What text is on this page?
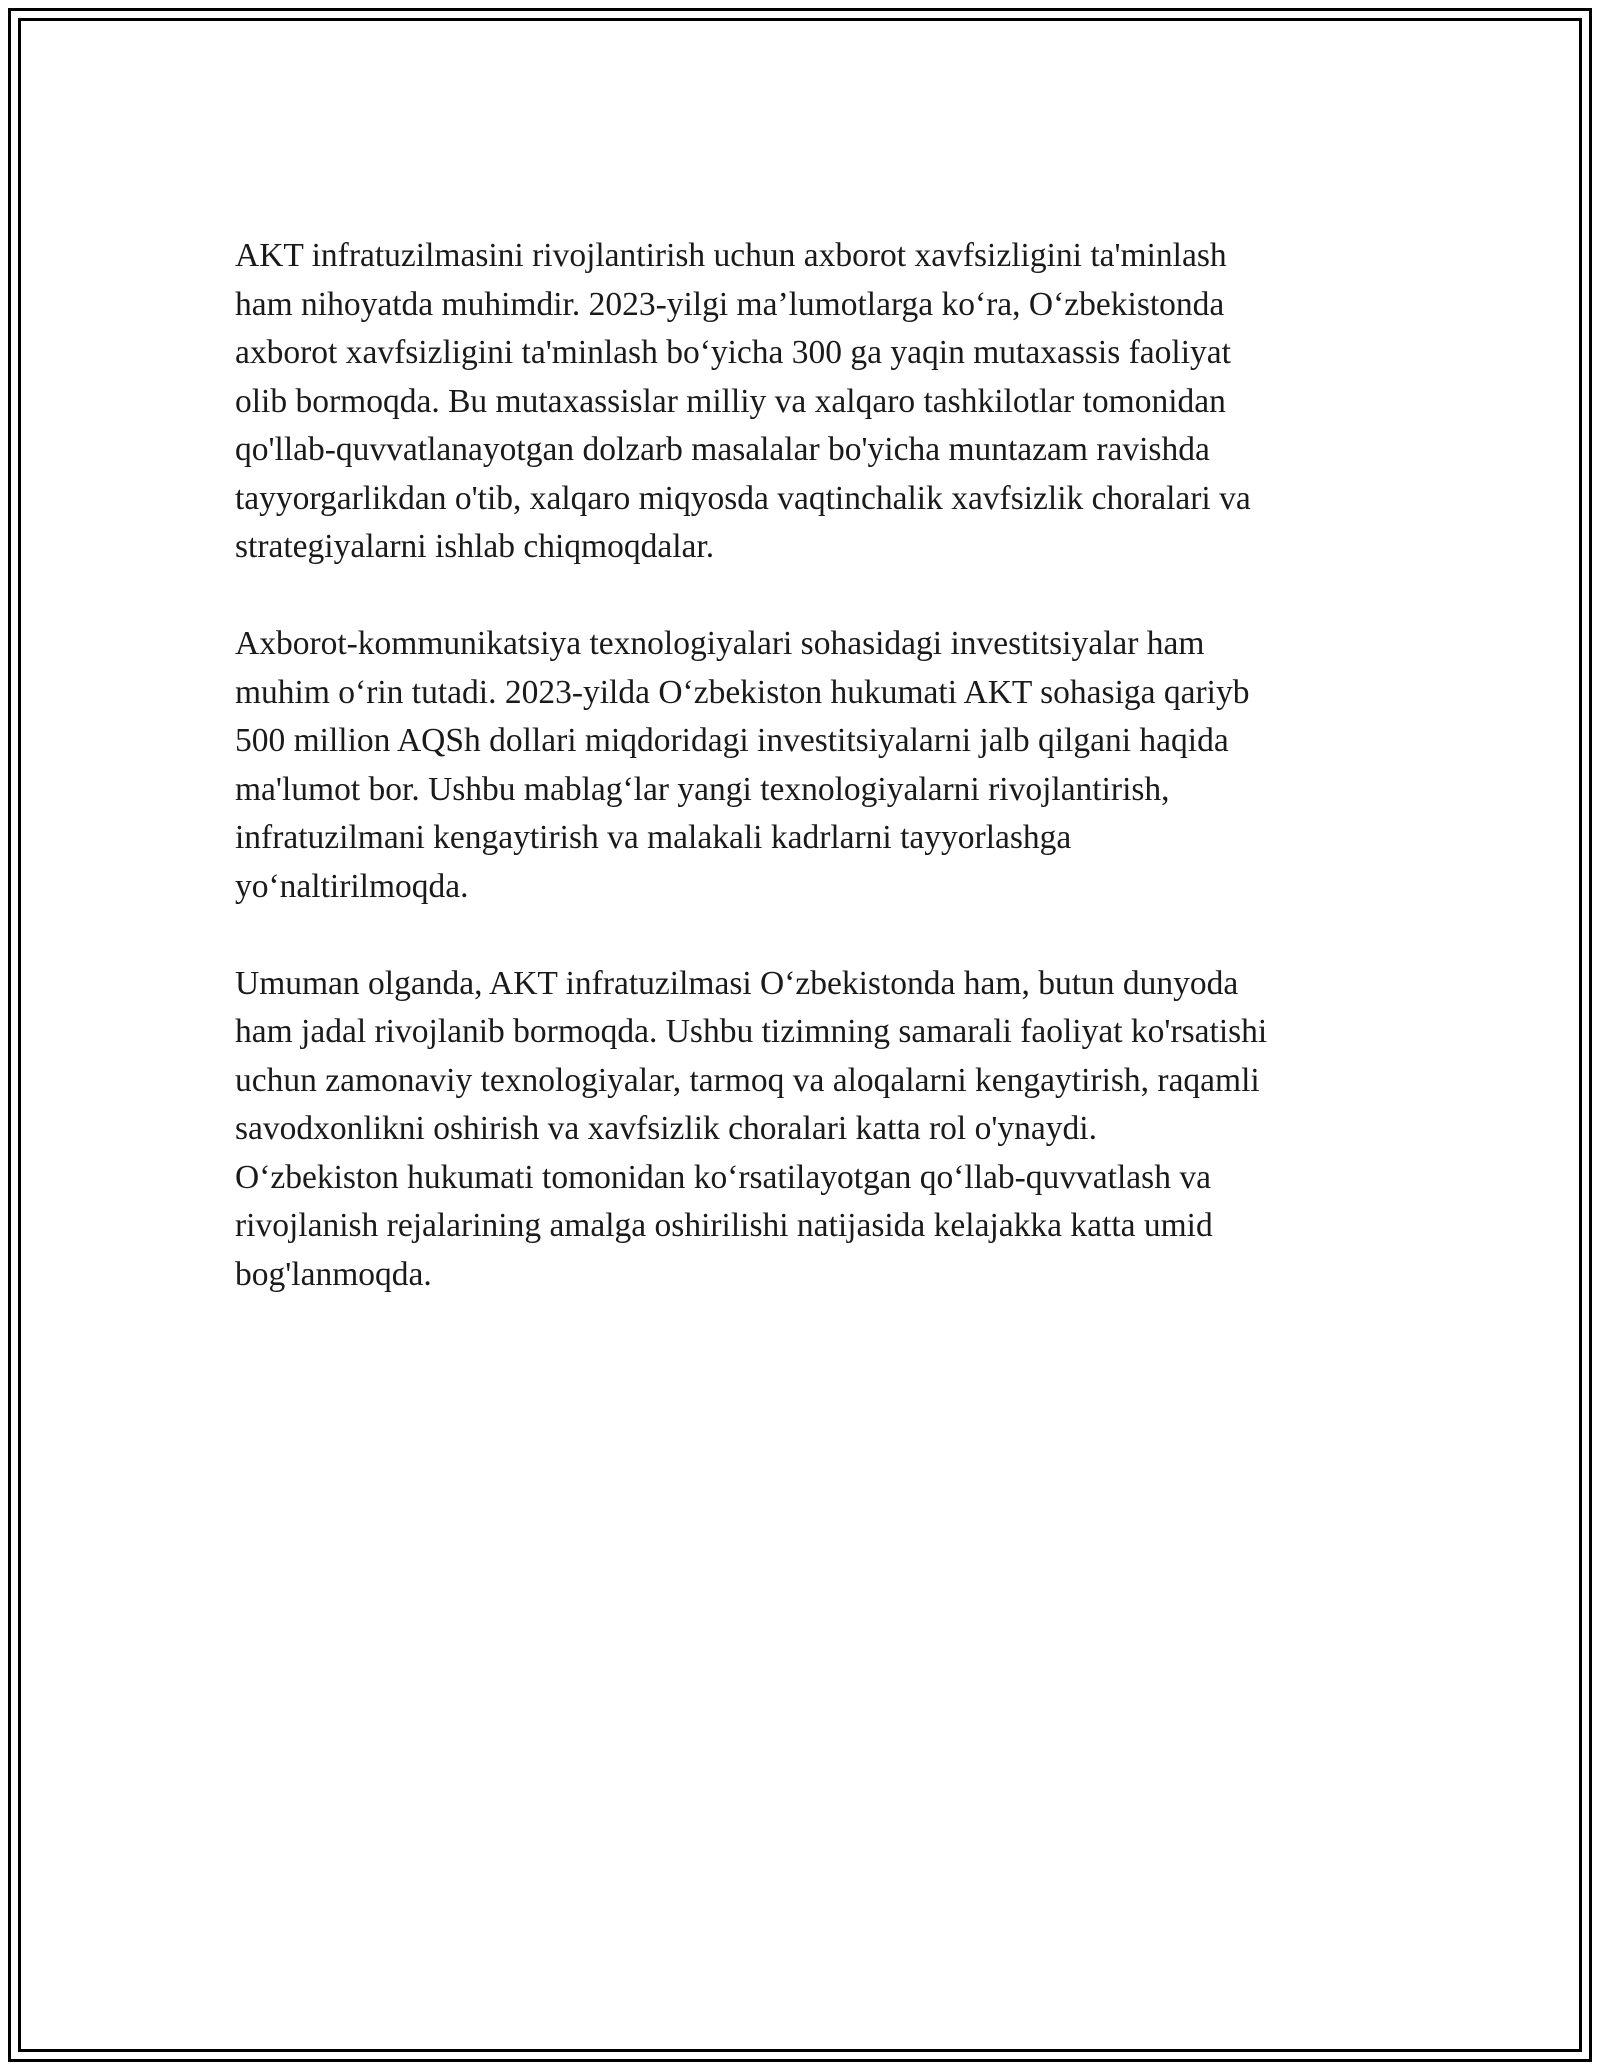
AKT infratuzilmasini rivojlantirish uchun axborot xavfsizligini ta'minlash
ham nihoyatda muhimdir. 2023-yilgi ma’lumotlarga ko‘ra, O‘zbekistonda
axborot xavfsizligini ta'minlash bo‘yicha 300 ga yaqin mutaxassis faoliyat
olib bormoqda. Bu mutaxassislar milliy va xalqaro tashkilotlar tomonidan
qo'llab-quvvatlanayotgan dolzarb masalalar bo'yicha muntazam ravishda
tayyorgarlikdan o'tib, xalqaro miqyosda vaqtinchalik xavfsizlik choralari va
strategiyalarni ishlab chiqmoqdalar.

Axborot-kommunikatsiya texnologiyalari sohasidagi investitsiyalar ham
muhim o‘rin tutadi. 2023-yilda O‘zbekiston hukumati AKT sohasiga qariyb
500 million AQSh dollari miqdoridagi investitsiyalarni jalb qilgani haqida
ma'lumot bor. Ushbu mablag‘lar yangi texnologiyalarni rivojlantirish,
infratuzilmani kengaytirish va malakali kadrlarni tayyorlashga
yo‘naltirilmoqda.

Umuman olganda, AKT infratuzilmasi O‘zbekistonda ham, butun dunyoda
ham jadal rivojlanib bormoqda. Ushbu tizimning samarali faoliyat ko'rsatishi
uchun zamonaviy texnologiyalar, tarmoq va aloqalarni kengaytirish, raqamli
savodxonlikni oshirish va xavfsizlik choralari katta rol o'ynaydi.
O‘zbekiston hukumati tomonidan ko‘rsatilayotgan qo‘llab-quvvatlash va
rivojlanish rejalarining amalga oshirilishi natijasida kelajakka katta umid
bog'lanmoqda.
